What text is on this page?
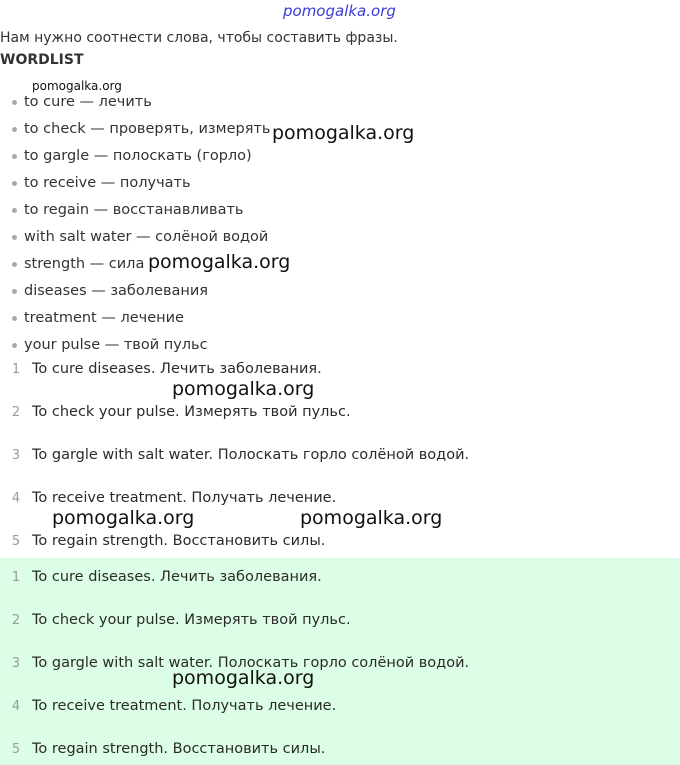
pomogalka.org
Нам нужно соотнести слова, чтобы составить фразы.
WORDLIST
to cure — лечить
to check — проверять, измерять
to gargle — полоскать (горло)
to receive — получать
to regain — восстанавливать
with salt water — солёной водой
strength — сила
diseases — заболевания
treatment — лечение
your pulse — твой пульс
1 To cure diseases. Лечить заболевания.
2 To check your pulse. Измерять твой пульс.
3 To gargle with salt water. Полоскать горло солёной водой.
4 To receive treatment. Получать лечение.
5 To regain strength. Восстановить силы.
1 To cure diseases. Лечить заболевания.
2 To check your pulse. Измерять твой пульс.
3 To gargle with salt water. Полоскать горло солёной водой.
4 To receive treatment. Получать лечение.
5 To regain strength. Восстановить силы.
pomogalka.org
pomogalka.org
pomogalka.org
pomogalka.org
pomogalka.org	pomogalka.org
pomogalka.org
